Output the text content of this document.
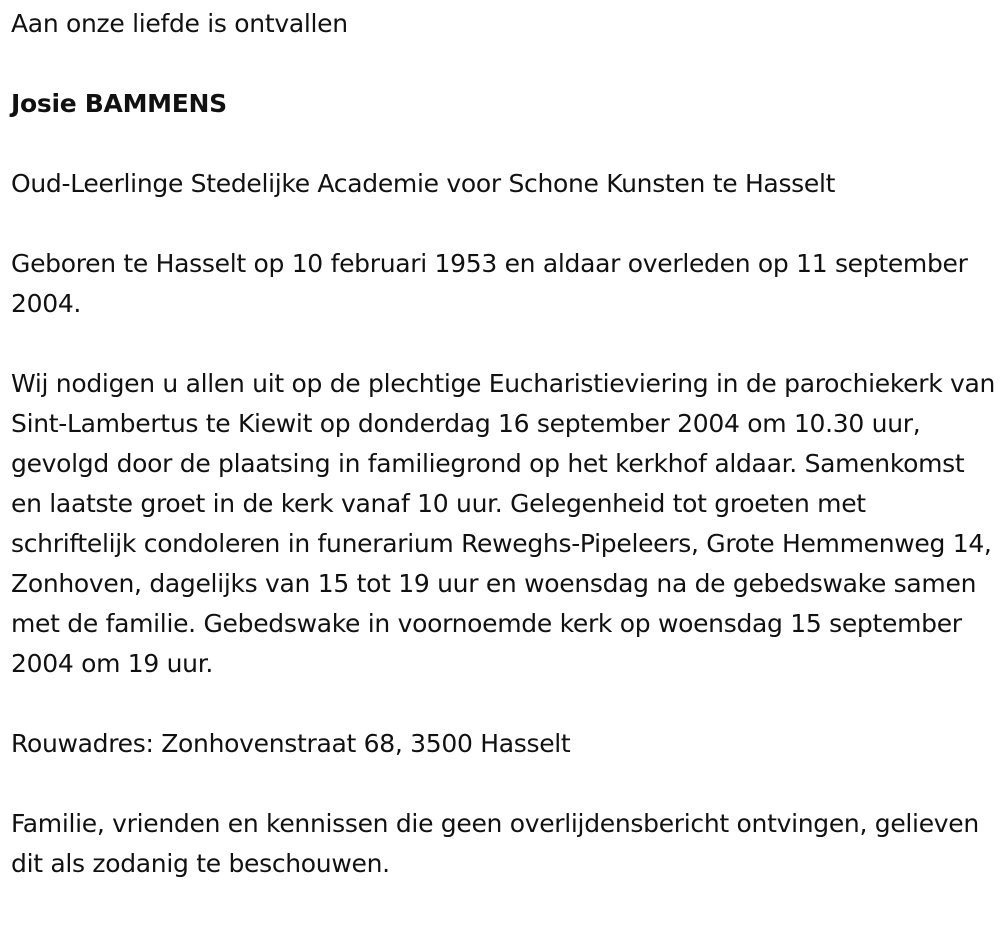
Aan onze liefde is ontvallen

Josie BAMMENS

Oud-Leerlinge Stedelijke Academie voor Schone Kunsten te Hasselt

Geboren te Hasselt op 10 februari 1953 en aldaar overleden op 11 september 2004.

Wij nodigen u allen uit op de plechtige Eucharistieviering in de parochiekerk van Sint-Lambertus te Kiewit op donderdag 16 september 2004 om 10.30 uur, gevolgd door de plaatsing in familiegrond op het kerkhof aldaar. Samenkomst en laatste groet in de kerk vanaf 10 uur. Gelegenheid tot groeten met schriftelijk condoleren in funerarium Reweghs-Pipeleers, Grote Hemmenweg 14, Zonhoven, dagelijks van 15 tot 19 uur en woensdag na de gebedswake samen met de familie. Gebedswake in voornoemde kerk op woensdag 15 september 2004 om 19 uur.

Rouwadres: Zonhovenstraat 68, 3500 Hasselt

Familie, vrienden en kennissen die geen overlijdensbericht ontvingen, gelieven dit als zodanig te beschouwen.
